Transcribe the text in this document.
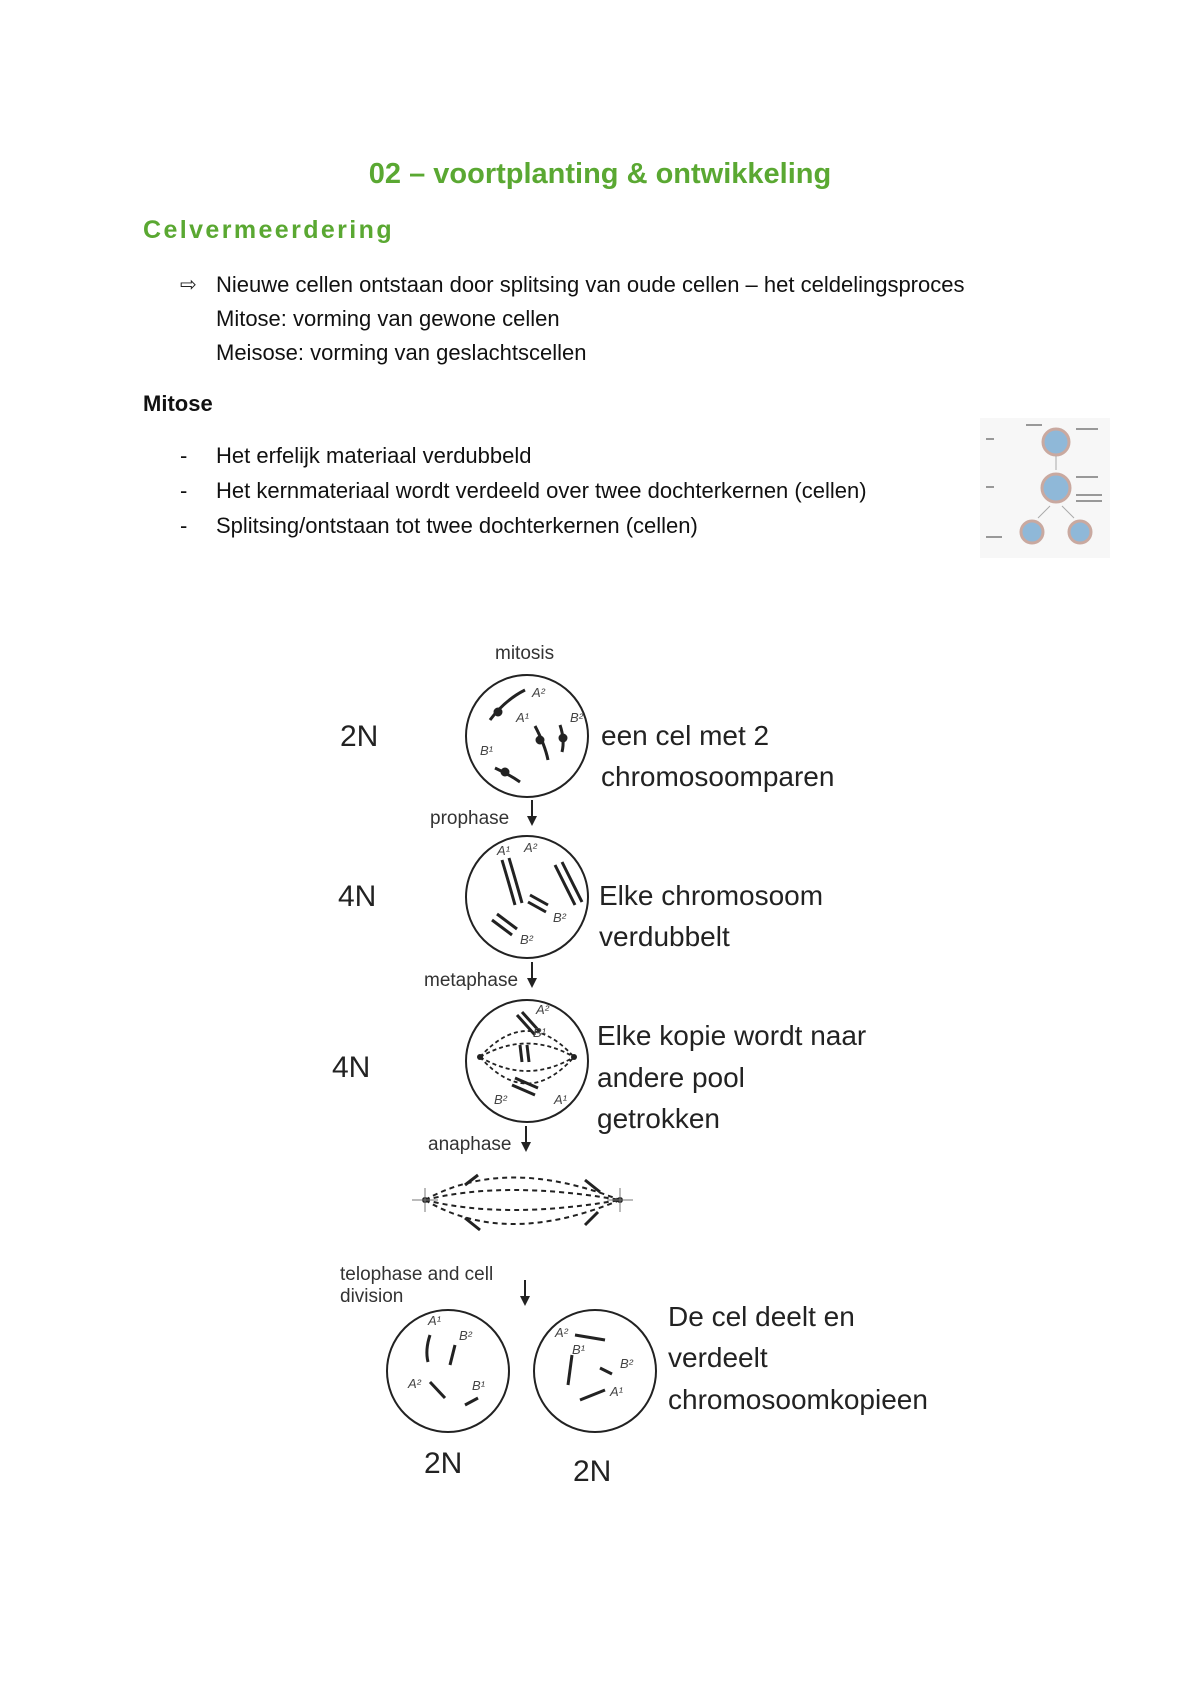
02 – voortplanting & ontwikkeling
Celvermeerdering
⇨ Nieuwe cellen ontstaan door splitsing van oude cellen – het celdelingsproces
Mitose: vorming van gewone cellen
Meisose: vorming van geslachtscellen
Mitose
-	Het erfelijk materiaal verdubbeld
-	Het kernmateriaal wordt verdeeld over twee dochterkernen (cellen)
-	Splitsing/ontstaan tot twee dochterkernen (cellen)
mitosis
2N
A²
A¹	B²
B¹	een cel met 2
chromosoomparen
prophase
4N
A¹ A²
B²
B²
Elke chromosoom
verdubbelt
metaphase
4N
A²
B¹
B²	A¹
Elke kopie wordt naar
andere pool
getrokken
anaphase
telophase and cell
division
A¹
B²
A²	B¹
A²
B¹
B²
A¹
De cel deelt en
verdeelt
chromosoomkopieen
2N	2N
